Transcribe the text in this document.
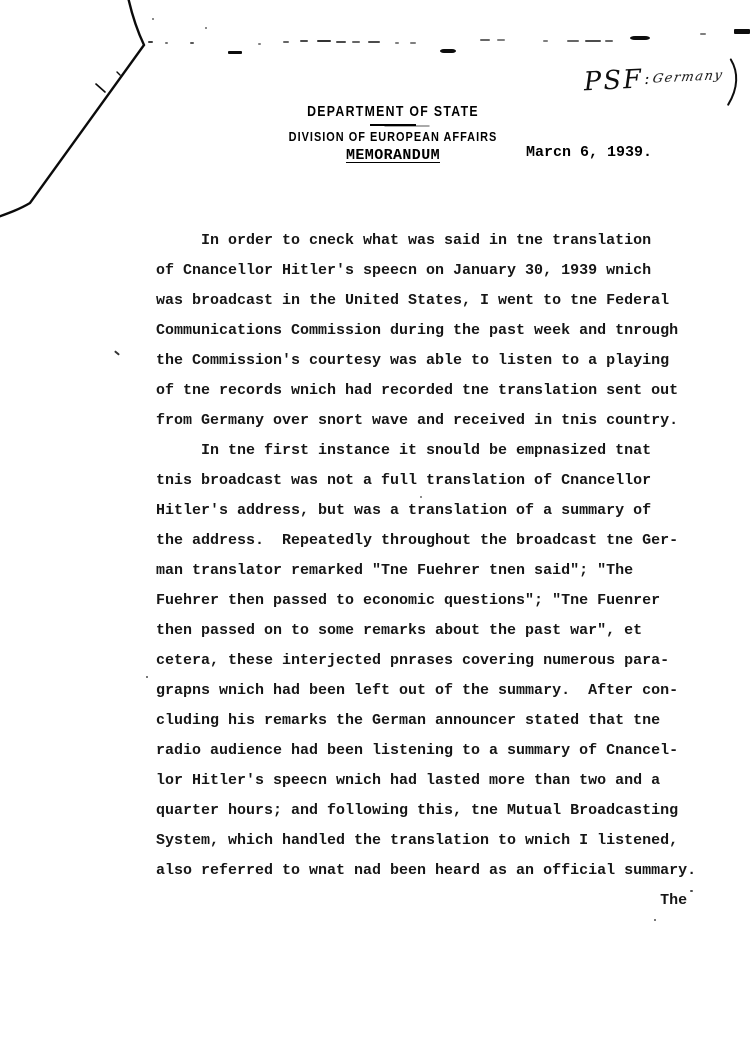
PSF:Germany
DEPARTMENT OF STATE
DIVISION OF EUROPEAN AFFAIRS
MEMORANDUM	Marcn 6, 1939.
In order to cneck what was said in tne translation
of Cnancellor Hitler's speecn on January 30, 1939 wnich
was broadcast in the United States, I went to tne Federal
Communications Commission during the past week and tnrough
the Commission's courtesy was able to listen to a playing
of tne records wnich had recorded tne translation sent out
from Germany over snort wave and received in tnis country.
In tne first instance it snould be empnasized tnat
tnis broadcast was not a full translation of Cnancellor
Hitler's address, but was a translation of a summary of
the address.  Repeatedly throughout the broadcast tne Ger-
man translator remarked "Tne Fuehrer tnen said"; "The
Fuehrer then passed to economic questions"; "Tne Fuenrer
then passed on to some remarks about the past war", et
cetera, these interjected pnrases covering numerous para-
grapns wnich had been left out of the summary.  After con-
cluding his remarks the German announcer stated that tne
radio audience had been listening to a summary of Cnancel-
lor Hitler's speecn wnich had lasted more than two and a
quarter hours; and following this, tne Mutual Broadcasting
System, which handled the translation to wnich I listened,
also referred to wnat nad been heard as an official summary.
The
